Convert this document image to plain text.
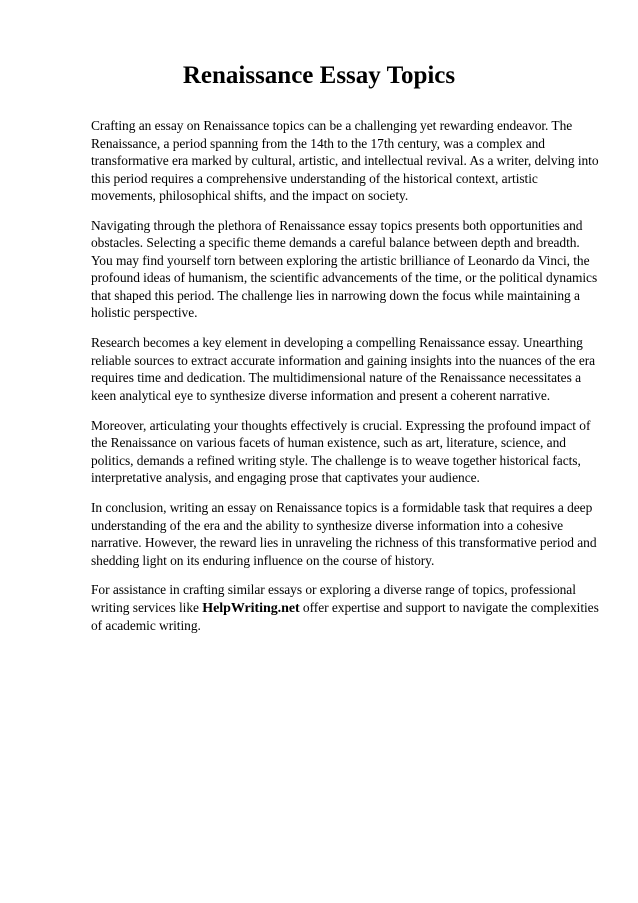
Renaissance Essay Topics

Crafting an essay on Renaissance topics can be a challenging yet rewarding endeavor. The Renaissance, a period spanning from the 14th to the 17th century, was a complex and transformative era marked by cultural, artistic, and intellectual revival. As a writer, delving into this period requires a comprehensive understanding of the historical context, artistic movements, philosophical shifts, and the impact on society.

Navigating through the plethora of Renaissance essay topics presents both opportunities and obstacles. Selecting a specific theme demands a careful balance between depth and breadth. You may find yourself torn between exploring the artistic brilliance of Leonardo da Vinci, the profound ideas of humanism, the scientific advancements of the time, or the political dynamics that shaped this period. The challenge lies in narrowing down the focus while maintaining a holistic perspective.

Research becomes a key element in developing a compelling Renaissance essay. Unearthing reliable sources to extract accurate information and gaining insights into the nuances of the era requires time and dedication. The multidimensional nature of the Renaissance necessitates a keen analytical eye to synthesize diverse information and present a coherent narrative.

Moreover, articulating your thoughts effectively is crucial. Expressing the profound impact of the Renaissance on various facets of human existence, such as art, literature, science, and politics, demands a refined writing style. The challenge is to weave together historical facts, interpretative analysis, and engaging prose that captivates your audience.

In conclusion, writing an essay on Renaissance topics is a formidable task that requires a deep understanding of the era and the ability to synthesize diverse information into a cohesive narrative. However, the reward lies in unraveling the richness of this transformative period and shedding light on its enduring influence on the course of history.

For assistance in crafting similar essays or exploring a diverse range of topics, professional writing services like HelpWriting.net offer expertise and support to navigate the complexities of academic writing.
